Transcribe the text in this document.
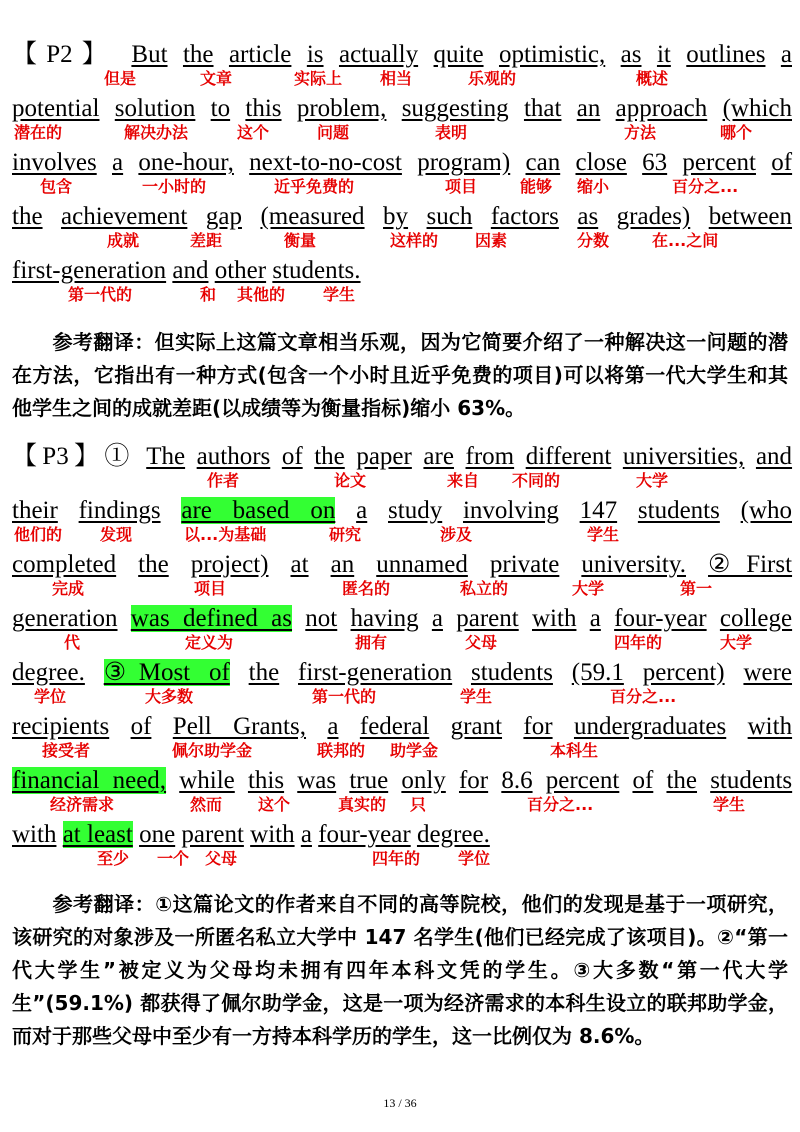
【P2】 But the article is actually quite optimistic, as it outlines a
但是	文章	实际上 相当	乐观的	概述
potential solution to this problem, suggesting that an approach (which
潜在的	解决办法	这个	问题	表明	方法	哪个
involves a one-hour, next-to-no-cost program) can close 63 percent of
包含	一小时的	近乎免费的	项目	能够 缩小	百分之...
the achievement gap (measured by such factors as grades) between
成就	差距	衡量	这样的 因素	分数	在...之间
first-generation and other students.
第一代的	和 其他的 学生
参考翻译：但实际上这篇文章相当乐观，因为它简要介绍了一种解决这一问题的潜在方法，它指出有一种方式(包含一个小时且近乎免费的项目)可以将第一代大学生和其他学生之间的成就差距(以成绩等为衡量指标)缩小 63%。
【P3】① The authors of the paper are from different universities, and
作者	论文	来自 不同的	大学
their findings are based on a study involving 147 students (who
他们的 发现	以...为基础	研究	涉及	学生
completed the project) at an unnamed private university. ②First
完成	项目	匿名的	私立的	大学	第一
generation was defined as not having a parent with a four-year college
代	定义为	拥有	父母	四年的	大学
degree. ③Most of the first-generation students (59.1 percent) were
学位	大多数	第一代的	学生	百分之...
recipients of Pell Grants, a federal grant for undergraduates with
接受者	佩尔助学金	联邦的 助学金	本科生
financial need, while this was true only for 8.6 percent of the students
经济需求	然而 这个	真实的 只	百分之...	学生
with at least one parent with a four-year degree.
至少 一个 父母	四年的 学位
参考翻译：①这篇论文的作者来自不同的高等院校，他们的发现是基于一项研究，该研究的对象涉及一所匿名私立大学中 147 名学生(他们已经完成了该项目)。②“第一代大学生”被定义为父母均未拥有四年本科文凭的学生。③大多数“第一代大学生”(59.1%) 都获得了佩尔助学金，这是一项为经济需求的本科生设立的联邦助学金，而对于那些父母中至少有一方持本科学历的学生，这一比例仅为 8.6%。
13 / 36
